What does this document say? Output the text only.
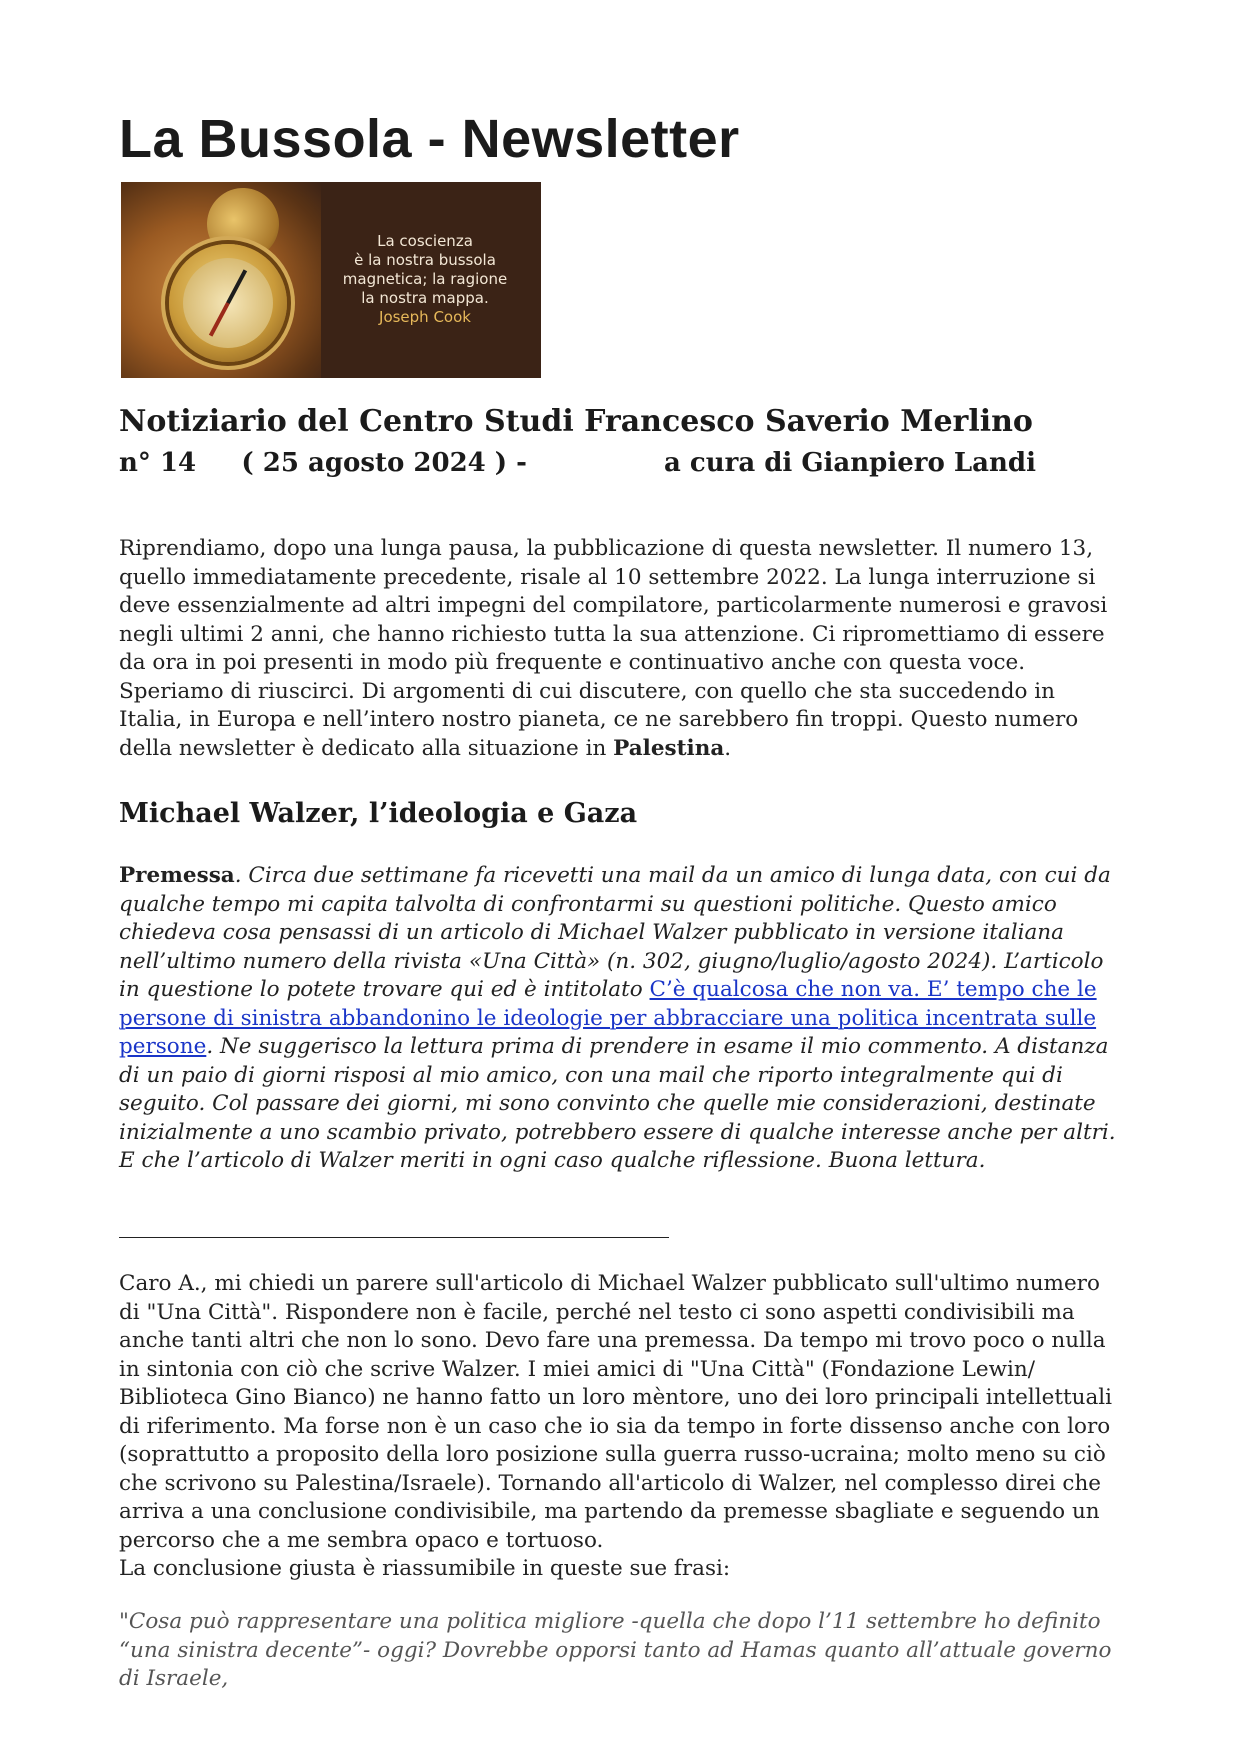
La Bussola - Newsletter
La coscienza
è la nostra bussola
magnetica; la ragione
la nostra mappa.
Joseph Cook
Notiziario del Centro Studi Francesco Saverio Merlino
n° 14     ( 25 agosto 2024 ) -	a cura di Gianpiero Landi

Riprendiamo, dopo una lunga pausa, la pubblicazione di questa newsletter. Il numero 13, quello immediatamente precedente, risale al 10 settembre 2022. La lunga interruzione si deve essenzialmente ad altri impegni del compilatore, particolarmente numerosi e gravosi negli ultimi 2 anni, che hanno richiesto tutta la sua attenzione. Ci ripromettiamo di essere da ora in poi presenti in modo più frequente e continuativo anche con questa voce. Speriamo di riuscirci. Di argomenti di cui discutere, con quello che sta succedendo in Italia, in Europa e nell’intero nostro pianeta, ce ne sarebbero fin troppi. Questo numero della newsletter è dedicato alla situazione in Palestina.

Michael Walzer, l’ideologia e Gaza

Premessa. Circa due settimane fa ricevetti una mail da un amico di lunga data, con cui da qualche tempo mi capita talvolta di confrontarmi su questioni politiche. Questo amico chiedeva cosa pensassi di un articolo di Michael Walzer pubblicato in versione italiana nell’ultimo numero della rivista «Una Città» (n. 302, giugno/luglio/agosto 2024). L’articolo in questione lo potete trovare qui ed è intitolato C’è qualcosa che non va. E’ tempo che le persone di sinistra abbandonino le ideologie per abbracciare una politica incentrata sulle persone. Ne suggerisco la lettura prima di prendere in esame il mio commento. A distanza di un paio di giorni risposi al mio amico, con una mail che riporto integralmente qui di seguito. Col passare dei giorni, mi sono convinto che quelle mie considerazioni, destinate inizialmente a uno scambio privato, potrebbero essere di qualche interesse anche per altri. E che l’articolo di Walzer meriti in ogni caso qualche riflessione. Buona lettura.

Caro A., mi chiedi un parere sull'articolo di Michael Walzer pubblicato sull'ultimo numero di "Una Città". Rispondere non è facile, perché nel testo ci sono aspetti condivisibili ma anche tanti altri che non lo sono. Devo fare una premessa. Da tempo mi trovo poco o nulla in sintonia con ciò che scrive Walzer. I miei amici di "Una Città" (Fondazione Lewin/ Biblioteca Gino Bianco) ne hanno fatto un loro mèntore, uno dei loro principali intellettuali di riferimento. Ma forse non è un caso che io sia da tempo in forte dissenso anche con loro (soprattutto a proposito della loro posizione sulla guerra russo-ucraina; molto meno su ciò che scrivono su Palestina/Israele). Tornando all'articolo di Walzer, nel complesso direi che arriva a una conclusione condivisibile, ma partendo da premesse sbagliate e seguendo un percorso che a me sembra opaco e tortuoso.
La conclusione giusta è riassumibile in queste sue frasi:

"Cosa può rappresentare una politica migliore -quella che dopo l’11 settembre ho definito “una sinistra decente”- oggi? Dovrebbe opporsi tanto ad Hamas quanto all’attuale governo di Israele,
